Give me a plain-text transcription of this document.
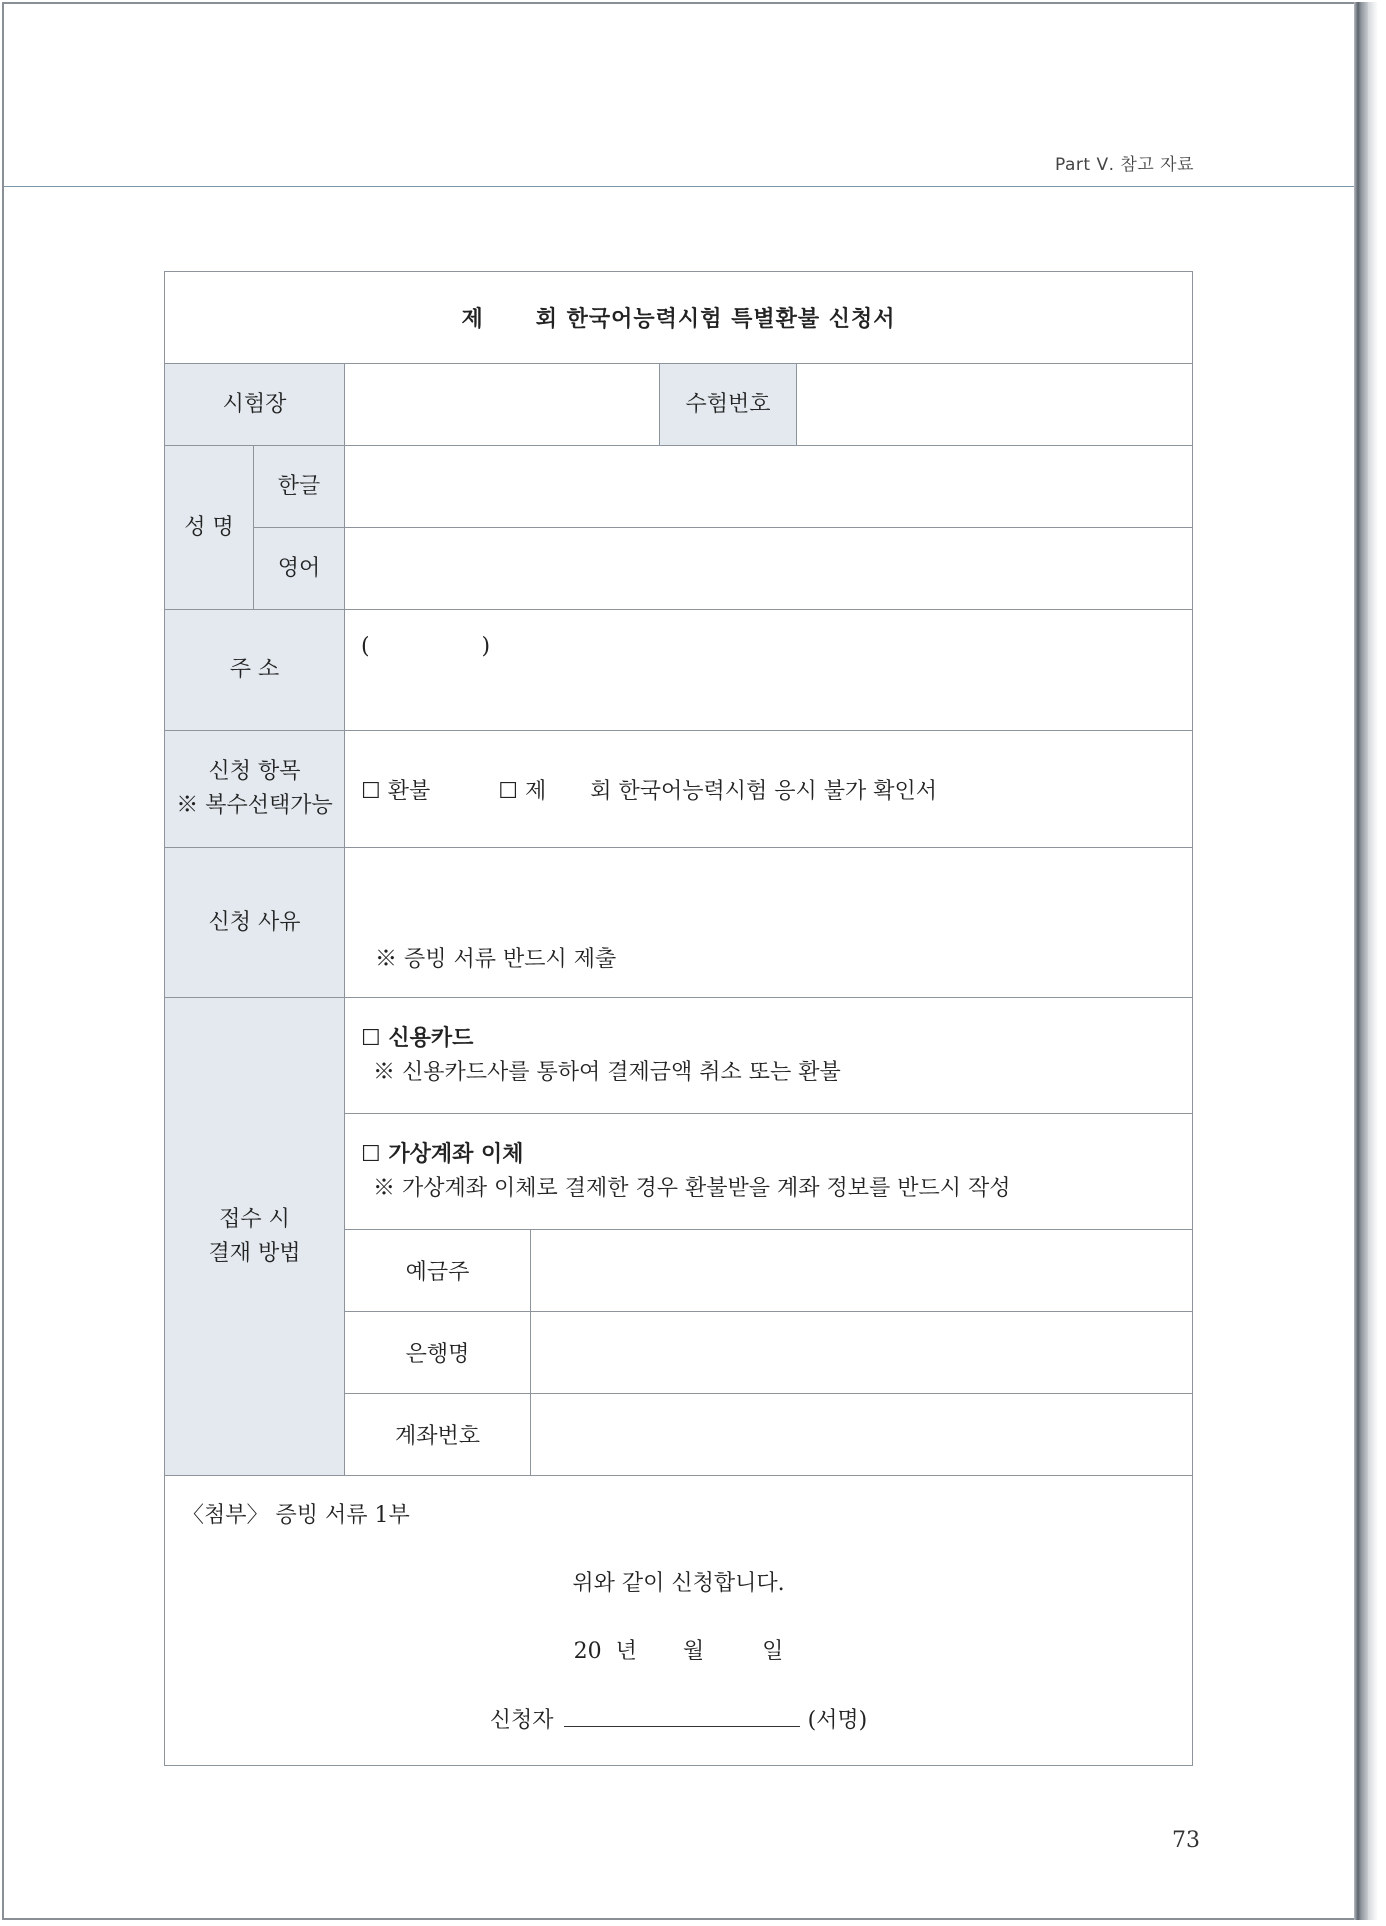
Part Ⅴ. 참고 자료
제 회 한국어능력시험 특별환불 신청서					
시험장				수험번호	
성 명	한글				
	영어				
주 소		(                )			

신청 항목
※ 복수선택가능		☐ 환불 ☐ 제 회 한국어능력시험 응시 불가 확인서			
신청 사유		※ 증빙 서류 반드시 제출			

접수 시
결재 방법		☐ 신용카드
※ 신용카드사를 통하여 결제금액 취소 또는 환불			

		☐ 가상계좌 이체
※ 가상계좌 이체로 결제한 경우 환불받을 계좌 정보를 반드시 작성			

		예금주			
		은행명			
		계좌번호			

〈첨부〉 증빙 서류 1부
위와 같이 신청합니다.
20 년 월 일
신청자 (서명)					
73
